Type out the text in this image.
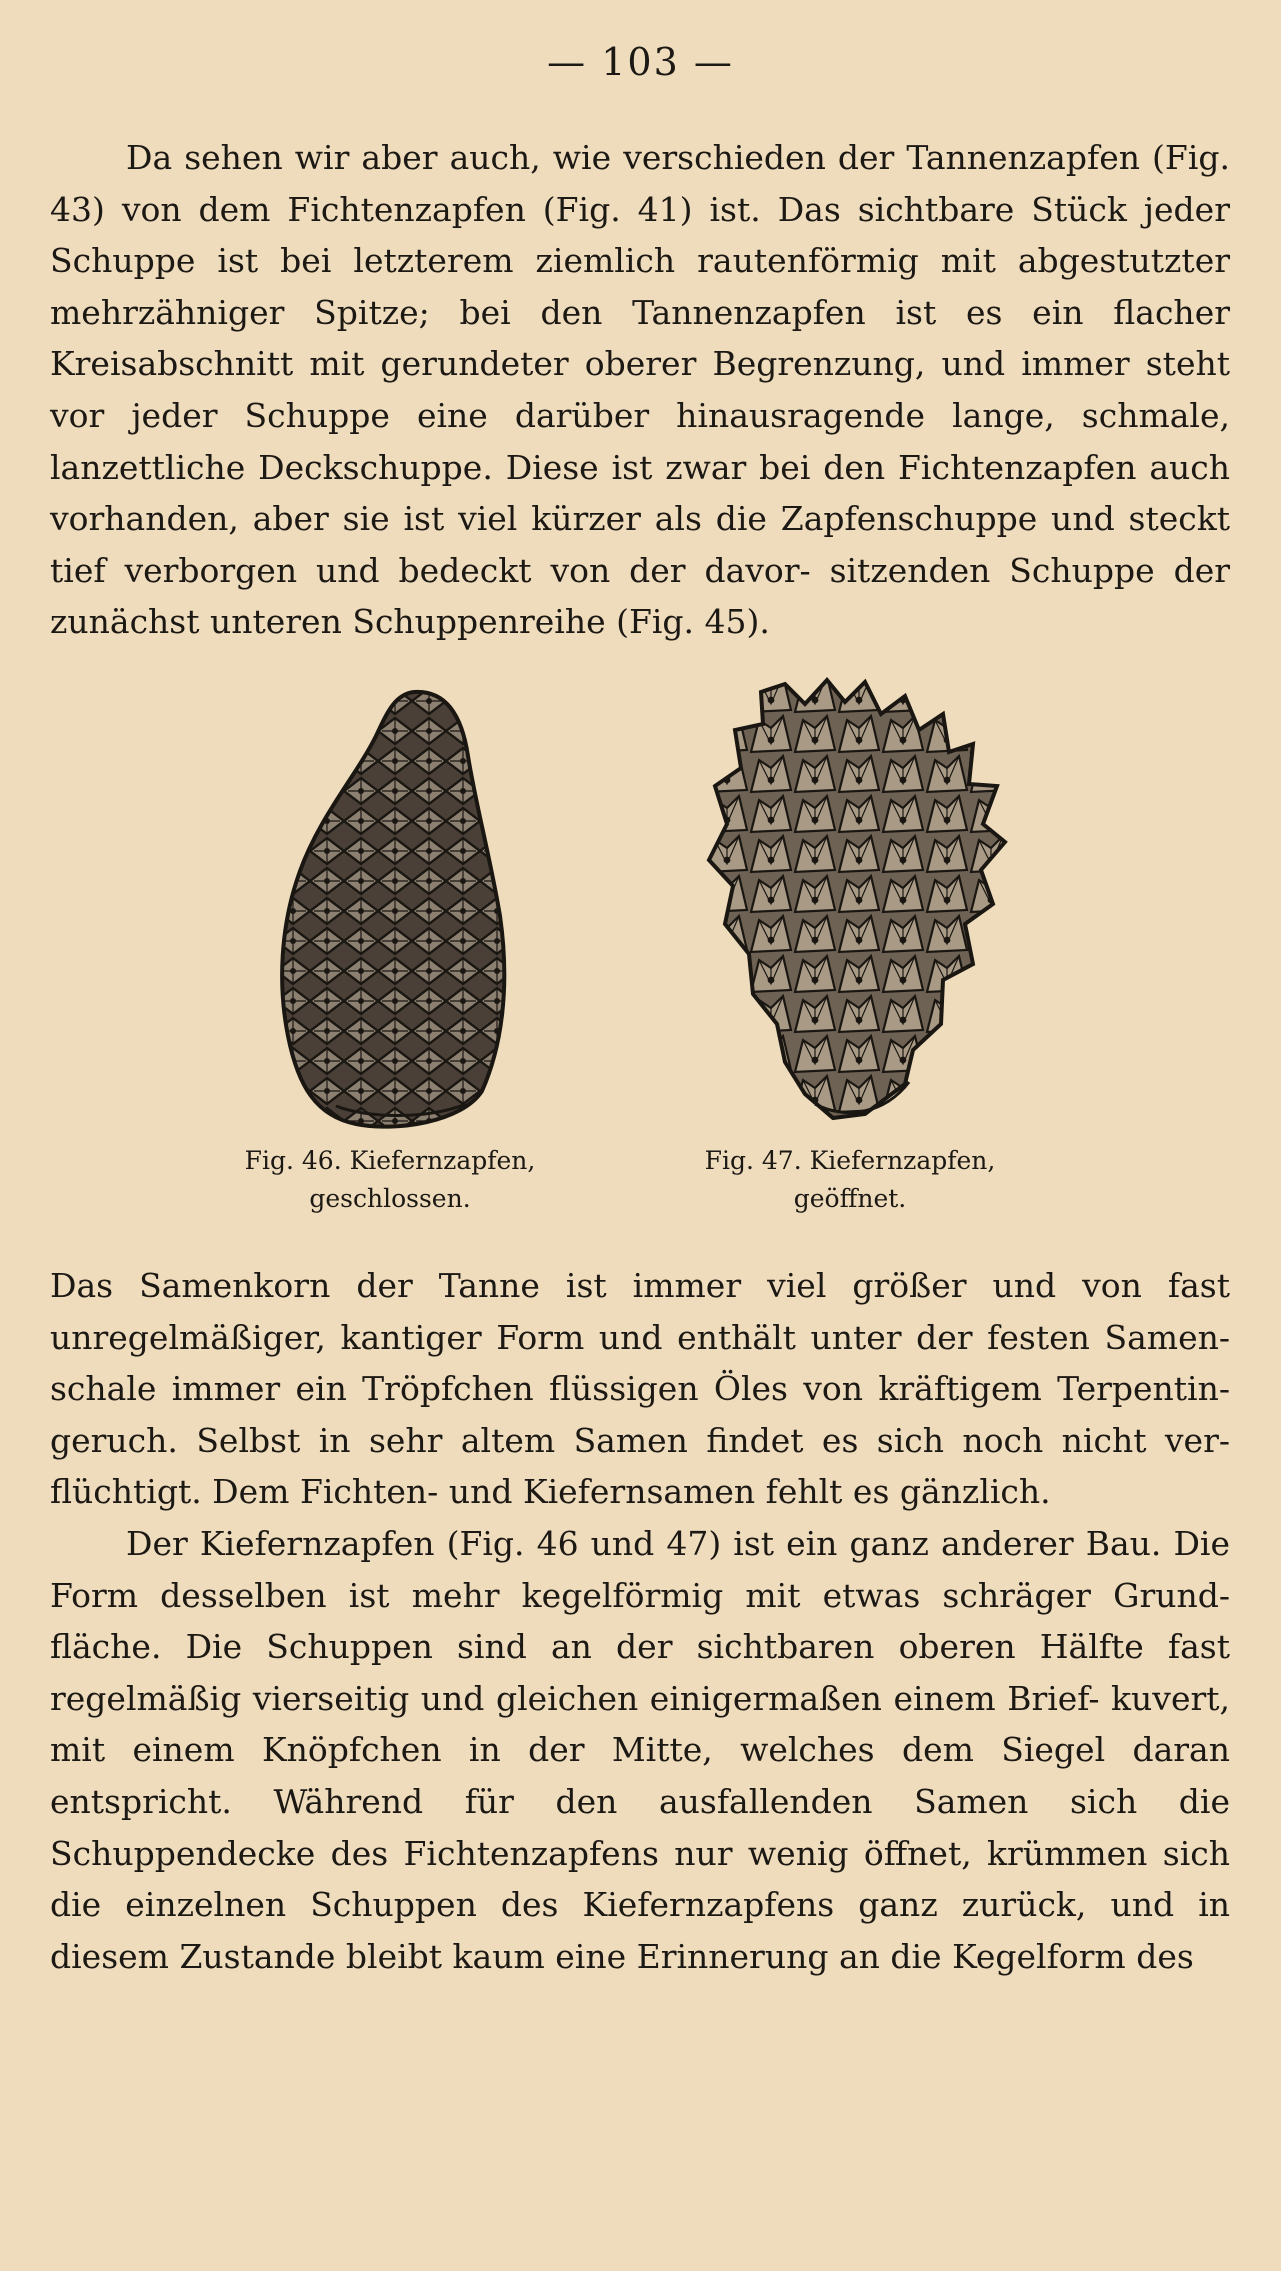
— 103 —

Da sehen wir aber auch, wie verschieden der Tannenzapfen (Fig. 43) von dem Fichtenzapfen (Fig. 41) ist. Das sichtbare Stück jeder Schuppe ist bei letzterem ziemlich rautenförmig mit abgestutzter mehrzähniger Spitze; bei den Tannenzapfen ist es ein flacher Kreisabschnitt mit gerundeter oberer Begrenzung, und immer steht vor jeder Schuppe eine darüber hinausragende lange, schmale, lanzettliche Deckschuppe. Diese ist zwar bei den Fichtenzapfen auch vorhanden, aber sie ist viel kürzer als die Zapfenschuppe und steckt tief verborgen und bedeckt von der davor- sitzenden Schuppe der zunächst unteren Schuppenreihe (Fig. 45).

Fig. 46. Kiefernzapfen,
geschlossen.
Fig. 47. Kiefernzapfen,
geöffnet.

Das Samenkorn der Tanne ist immer viel größer und von fast unregelmäßiger, kantiger Form und enthält unter der festen Samen- schale immer ein Tröpfchen flüssigen Öles von kräftigem Terpentin- geruch. Selbst in sehr altem Samen findet es sich noch nicht ver- flüchtigt. Dem Fichten- und Kiefernsamen fehlt es gänzlich.

Der Kiefernzapfen (Fig. 46 und 47) ist ein ganz anderer Bau. Die Form desselben ist mehr kegelförmig mit etwas schräger Grund- fläche. Die Schuppen sind an der sichtbaren oberen Hälfte fast regelmäßig vierseitig und gleichen einigermaßen einem Brief- kuvert, mit einem Knöpfchen in der Mitte, welches dem Siegel daran entspricht. Während für den ausfallenden Samen sich die Schuppendecke des Fichtenzapfens nur wenig öffnet, krümmen sich die einzelnen Schuppen des Kiefernzapfens ganz zurück, und in diesem Zustande bleibt kaum eine Erinnerung an die Kegelform des
